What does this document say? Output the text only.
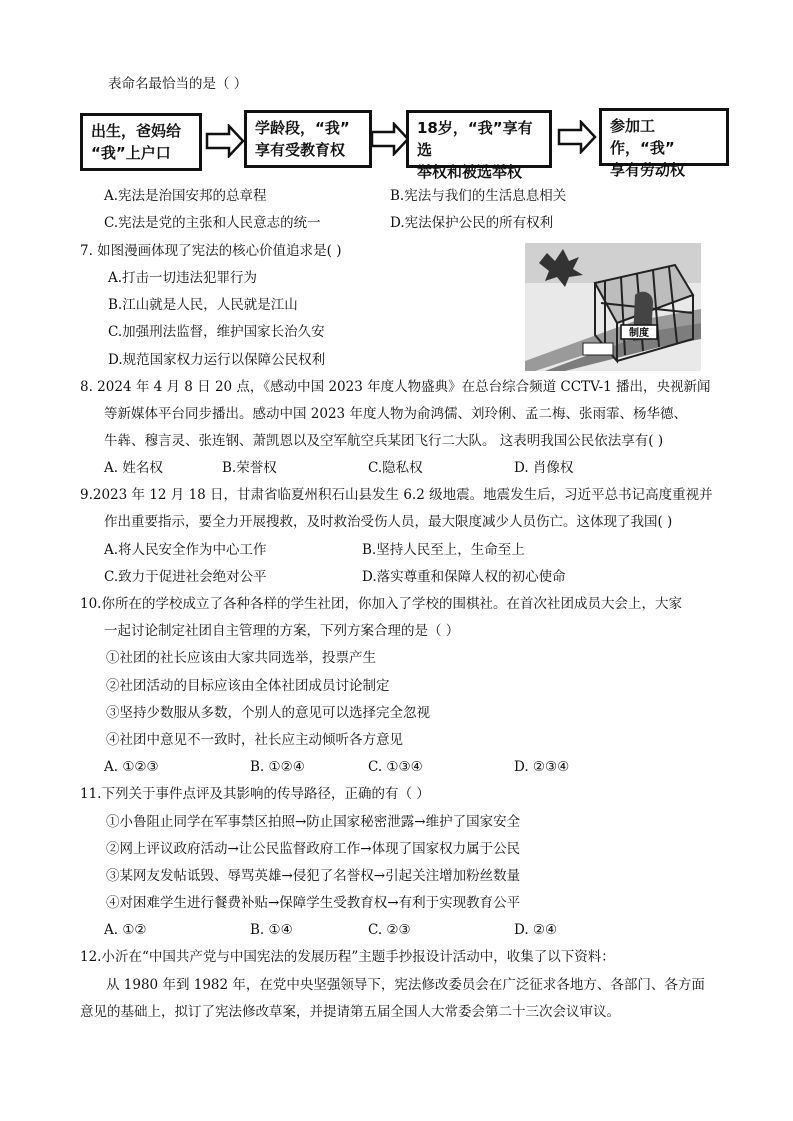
表命名最恰当的是（ ）
出生，爸妈给
“我”上户口
学龄段，“我”
享有受教育权
18岁，“我”享有选
举权和被选举权
参加工作，“我”
享有劳动权
A.宪法是治国安邦的总章程	B.宪法与我们的生活息息相关
C.宪法是党的主张和人民意志的统一	D.宪法保护公民的所有权利
7. 如图漫画体现了宪法的核心价值追求是( )
A.打击一切违法犯罪行为
B.江山就是人民，人民就是江山
C.加强刑法监督，维护国家长治久安
D.规范国家权力运行以保障公民权利
制度
8. 2024 年 4 月 8 日 20 点，《感动中国 2023 年度人物盛典》在总台综合频道 CCTV-1 播出，央视新闻
等新媒体平台同步播出。感动中国 2023 年度人物为俞鸿儒、刘玲俐、孟二梅、张雨霏、杨华德、
牛犇、穆言灵、张连钢、萧凯恩以及空军航空兵某团飞行二大队。 这表明我国公民依法享有( )
A. 姓名权	B.荣誉权	C.隐私权	D. 肖像权
9.2023 年 12 月 18 日，甘肃省临夏州积石山县发生 6.2 级地震。地震发生后，习近平总书记高度重视并
作出重要指示，要全力开展搜救，及时救治受伤人员，最大限度减少人员伤亡。这体现了我国( )
A.将人民安全作为中心工作	B.坚持人民至上，生命至上
C.致力于促进社会绝对公平	D.落实尊重和保障人权的初心使命
10.你所在的学校成立了各种各样的学生社团，你加入了学校的围棋社。在首次社团成员大会上，大家
一起讨论制定社团自主管理的方案，下列方案合理的是（ ）
①社团的社长应该由大家共同选举，投票产生
②社团活动的目标应该由全体社团成员讨论制定
③坚持少数服从多数，个别人的意见可以选择完全忽视
④社团中意见不一致时，社长应主动倾听各方意见
A. ①②③	B. ①②④	C. ①③④	D. ②③④
11.下列关于事件点评及其影响的传导路径，正确的有（ ）
①小鲁阻止同学在军事禁区拍照→防止国家秘密泄露→维护了国家安全
②网上评议政府活动→让公民监督政府工作→体现了国家权力属于公民
③某网友发帖诋毁、辱骂英雄→侵犯了名誉权→引起关注增加粉丝数量
④对困难学生进行餐费补贴→保障学生受教育权→有利于实现教育公平
A. ①②	B. ①④	C. ②③	D. ②④
12.小沂在“中国共产党与中国宪法的发展历程”主题手抄报设计活动中，收集了以下资料：
从 1980 年到 1982 年，在党中央坚强领导下，宪法修改委员会在广泛征求各地方、各部门、各方面
意见的基础上，拟订了宪法修改草案，并提请第五届全国人大常委会第二十三次会议审议。
